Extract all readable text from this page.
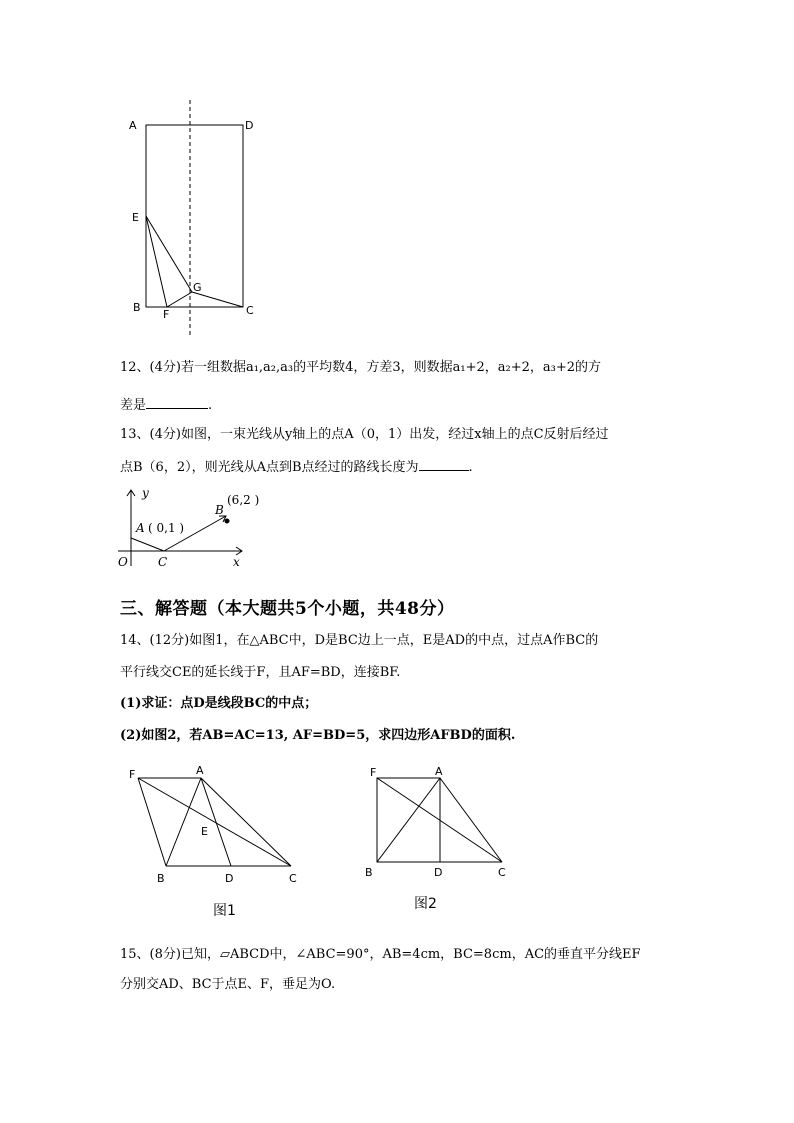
A	D
E
B
F
G
C
12、(4分)若一组数据a₁,a₂,a₃的平均数4，方差3，则数据a₁+2，a₂+2，a₃+2的方
差是	.
13、(4分)如图，一束光线从y轴上的点A（0，1）出发，经过x轴上的点C反射后经过
点B（6，2），则光线从A点到B点经过的路线长度为	.
y
x
O	C
A ( 0,1 )
B
(6,2 )
三、解答题（本大题共5个小题，共48分）
14、(12分)如图1，在△ABC中，D是BC边上一点，E是AD的中点，过点A作BC的
平行线交CE的延长线于F，且AF=BD，连接BF.
(1)求证：点D是线段BC的中点；
(2)如图2，若AB=AC=13, AF=BD=5，求四边形AFBD的面积.
F	A
E
B	D	C
图1
F	A
B	D	C
图2
15、(8分)已知，▱ABCD中，∠ABC=90°，AB=4cm，BC=8cm，AC的垂直平分线EF
分别交AD、BC于点E、F，垂足为O.
